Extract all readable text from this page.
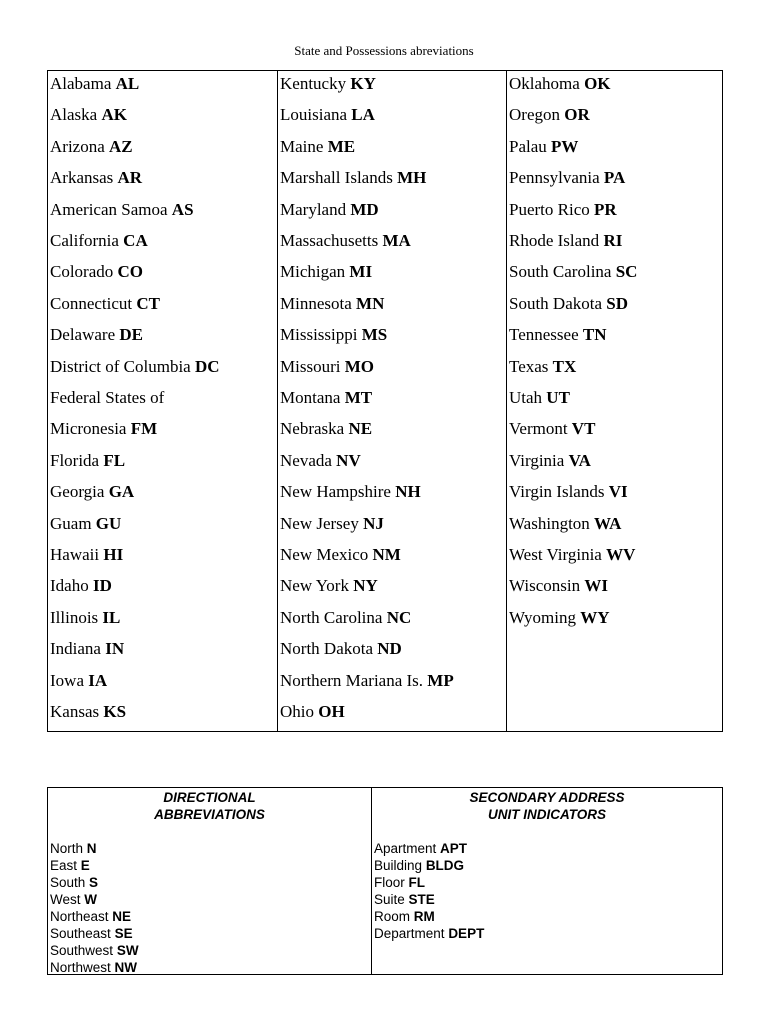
State and Possessions abreviations
Alabama AL
Alaska AK
Arizona AZ
Arkansas AR
American Samoa AS
California CA
Colorado CO
Connecticut CT
Delaware DE
District of Columbia DC
Federal States of
Micronesia FM
Florida FL
Georgia GA
Guam GU
Hawaii HI
Idaho ID
Illinois IL
Indiana IN
Iowa IA
Kansas KS
Kentucky KY
Louisiana LA
Maine ME
Marshall Islands MH
Maryland MD
Massachusetts MA
Michigan MI
Minnesota MN
Mississippi MS
Missouri MO
Montana MT
Nebraska NE
Nevada NV
New Hampshire NH
New Jersey NJ
New Mexico NM
New York NY
North Carolina NC
North Dakota ND
Northern Mariana Is. MP
Ohio OH
Oklahoma OK
Oregon OR
Palau PW
Pennsylvania PA
Puerto Rico PR
Rhode Island RI
South Carolina SC
South Dakota SD
Tennessee TN
Texas TX
Utah UT
Vermont VT
Virginia VA
Virgin Islands VI
Washington WA
West Virginia WV
Wisconsin WI
Wyoming WY
DIRECTIONAL
ABBREVIATIONS
North N
East E
South S
West W
Northeast NE
Southeast SE
Southwest SW
Northwest NW
SECONDARY ADDRESS
UNIT INDICATORS
Apartment APT
Building BLDG
Floor FL
Suite STE
Room RM
Department DEPT
